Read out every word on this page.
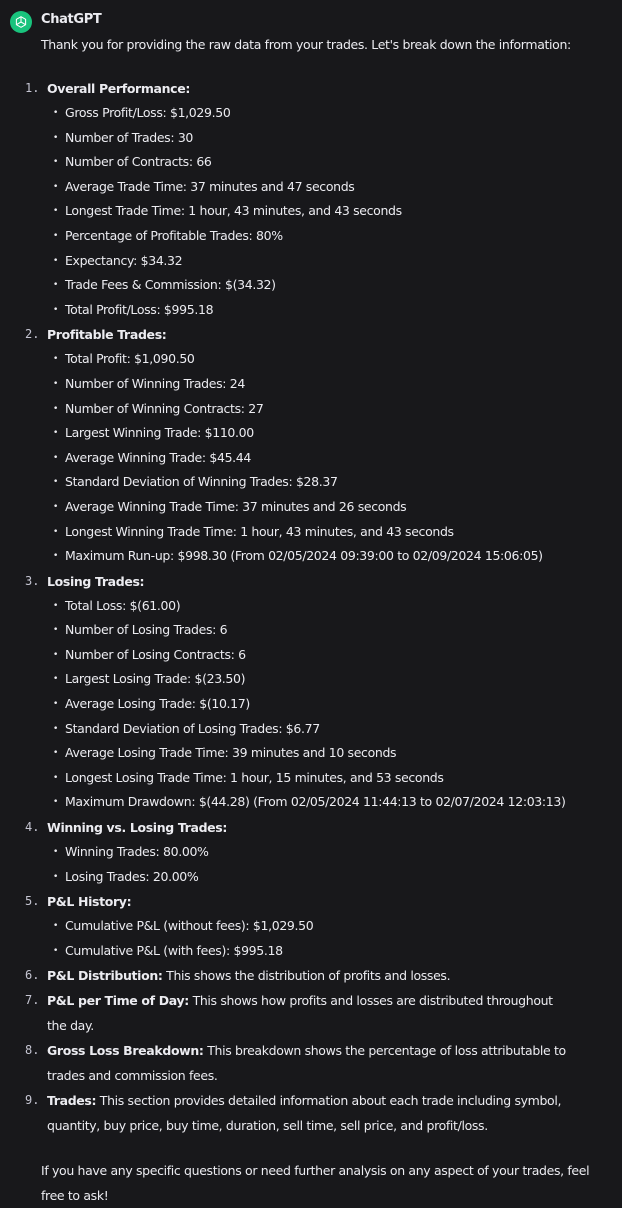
ChatGPT
Thank you for providing the raw data from your trades. Let's break down the information:
1. Overall Performance:
• Gross Profit/Loss: $1,029.50
• Number of Trades: 30
• Number of Contracts: 66
• Average Trade Time: 37 minutes and 47 seconds
• Longest Trade Time: 1 hour, 43 minutes, and 43 seconds
• Percentage of Profitable Trades: 80%
• Expectancy: $34.32
• Trade Fees & Commission: $(34.32)
• Total Profit/Loss: $995.18
2. Profitable Trades:
• Total Profit: $1,090.50
• Number of Winning Trades: 24
• Number of Winning Contracts: 27
• Largest Winning Trade: $110.00
• Average Winning Trade: $45.44
• Standard Deviation of Winning Trades: $28.37
• Average Winning Trade Time: 37 minutes and 26 seconds
• Longest Winning Trade Time: 1 hour, 43 minutes, and 43 seconds
• Maximum Run-up: $998.30 (From 02/05/2024 09:39:00 to 02/09/2024 15:06:05)
3. Losing Trades:
• Total Loss: $(61.00)
• Number of Losing Trades: 6
• Number of Losing Contracts: 6
• Largest Losing Trade: $(23.50)
• Average Losing Trade: $(10.17)
• Standard Deviation of Losing Trades: $6.77
• Average Losing Trade Time: 39 minutes and 10 seconds
• Longest Losing Trade Time: 1 hour, 15 minutes, and 53 seconds
• Maximum Drawdown: $(44.28) (From 02/05/2024 11:44:13 to 02/07/2024 12:03:13)
4. Winning vs. Losing Trades:
• Winning Trades: 80.00%
• Losing Trades: 20.00%
5. P&L History:
• Cumulative P&L (without fees): $1,029.50
• Cumulative P&L (with fees): $995.18
6. P&L Distribution: This shows the distribution of profits and losses.
7. P&L per Time of Day: This shows how profits and losses are distributed throughout the day.
8. Gross Loss Breakdown: This breakdown shows the percentage of loss attributable to trades and commission fees.
9. Trades: This section provides detailed information about each trade including symbol, quantity, buy price, buy time, duration, sell time, sell price, and profit/loss.
If you have any specific questions or need further analysis on any aspect of your trades, feel free to ask!
